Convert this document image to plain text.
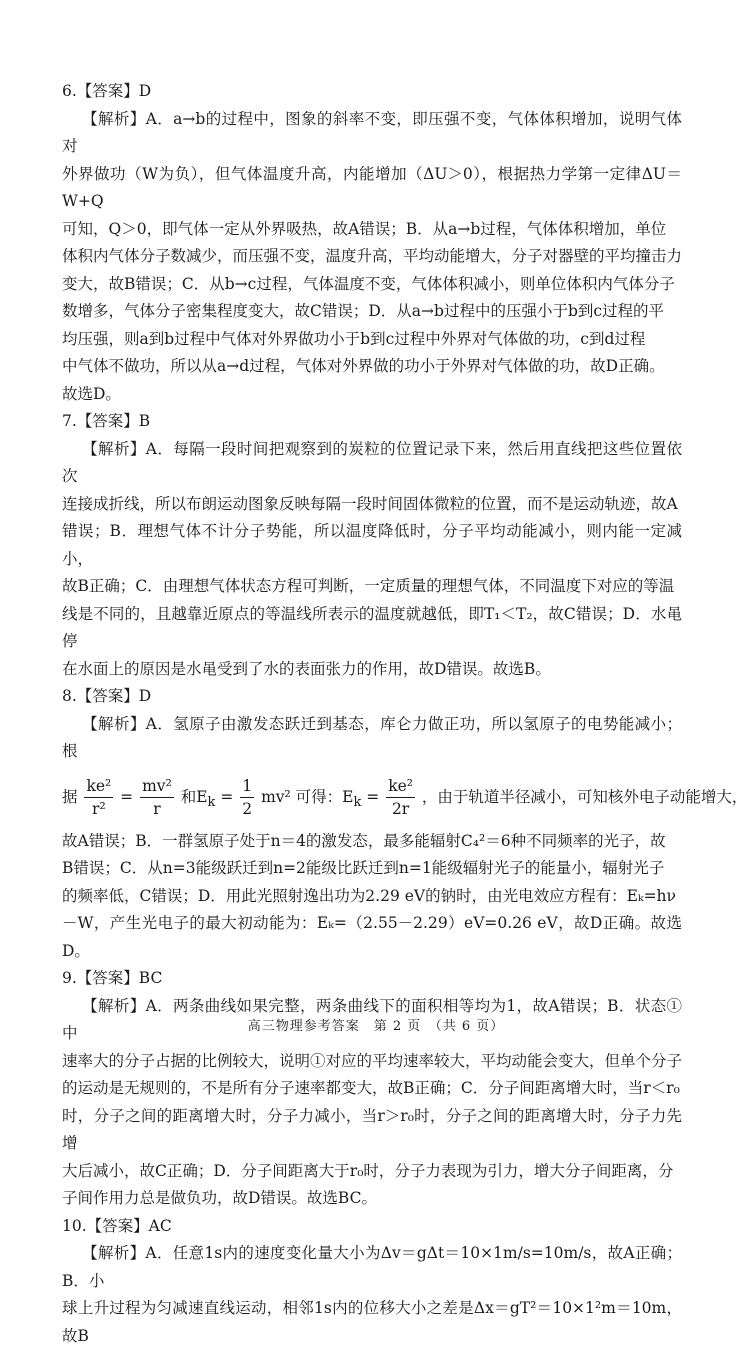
6.【答案】D
【解析】A．a→b的过程中，图象的斜率不变，即压强不变，气体体积增加，说明气体对
外界做功（W为负），但气体温度升高，内能增加（ΔU＞0），根据热力学第一定律ΔU＝W+Q
可知，Q＞0，即气体一定从外界吸热，故A错误；B．从a→b过程，气体体积增加，单位
体积内气体分子数减少，而压强不变，温度升高，平均动能增大，分子对器壁的平均撞击力
变大，故B错误；C．从b→c过程，气体温度不变，气体体积减小，则单位体积内气体分子
数增多，气体分子密集程度变大，故C错误；D．从a→b过程中的压强小于b到c过程的平
均压强，则a到b过程中气体对外界做功小于b到c过程中外界对气体做的功，c到d过程
中气体不做功，所以从a→d过程，气体对外界做的功小于外界对气体做的功，故D正确。
故选D。
7.【答案】B
【解析】A．每隔一段时间把观察到的炭粒的位置记录下来，然后用直线把这些位置依次
连接成折线，所以布朗运动图象反映每隔一段时间固体微粒的位置，而不是运动轨迹，故A
错误；B．理想气体不计分子势能，所以温度降低时，分子平均动能减小，则内能一定减小，
故B正确；C．由理想气体状态方程可判断，一定质量的理想气体，不同温度下对应的等温
线是不同的，且越靠近原点的等温线所表示的温度就越低，即T₁＜T₂，故C错误；D．水黾停
在水面上的原因是水黾受到了水的表面张力的作用，故D错误。故选B。
8.【答案】D
【解析】A．氢原子由激发态跃迁到基态，库仑力做正功，所以氢原子的电势能减小；根
据 $\frac{\text{ke²}}{\text{r²}} = \frac{\text{mv²}}{r}$ 和$E_k = \frac{1}{2} mv^2$ 可得：$E_k = \frac{\text{ke²}}{2r}$ ，由于轨道半径减小，可知核外电子动能增大，
故A错误；B．一群氢原子处于n＝4的激发态，最多能辐射C₄²＝6种不同频率的光子，故
B错误；C．从n=3能级跃迁到n=2能级比跃迁到n=1能级辐射光子的能量小，辐射光子
的频率低，C错误；D．用此光照射逸出功为2.29 eV的钠时，由光电效应方程有：Eₖ=hν
－W，产生光电子的最大初动能为：Eₖ=（2.55－2.29）eV=0.26 eV，故D正确。故选D。
9.【答案】BC
【解析】A．两条曲线如果完整，两条曲线下的面积相等均为1，故A错误；B．状态①中
速率大的分子占据的比例较大，说明①对应的平均速率较大，平均动能会变大，但单个分子
的运动是无规则的，不是所有分子速率都变大，故B正确；C．分子间距离增大时，当r＜r₀
时，分子之间的距离增大时，分子力减小，当r＞r₀时，分子之间的距离增大时，分子力先增
大后减小，故C正确；D．分子间距离大于r₀时，分子力表现为引力，增大分子间距离，分
子间作用力总是做负功，故D错误。故选BC。
10.【答案】AC
【解析】A．任意1s内的速度变化量大小为Δv＝gΔt＝10×1m/s=10m/s，故A正确；B．小
球上升过程为匀减速直线运动，相邻1s内的位移大小之差是Δx＝gT²＝10×1²m＝10m，故B
高三物理参考答案　第 2 页　（共 6 页）
